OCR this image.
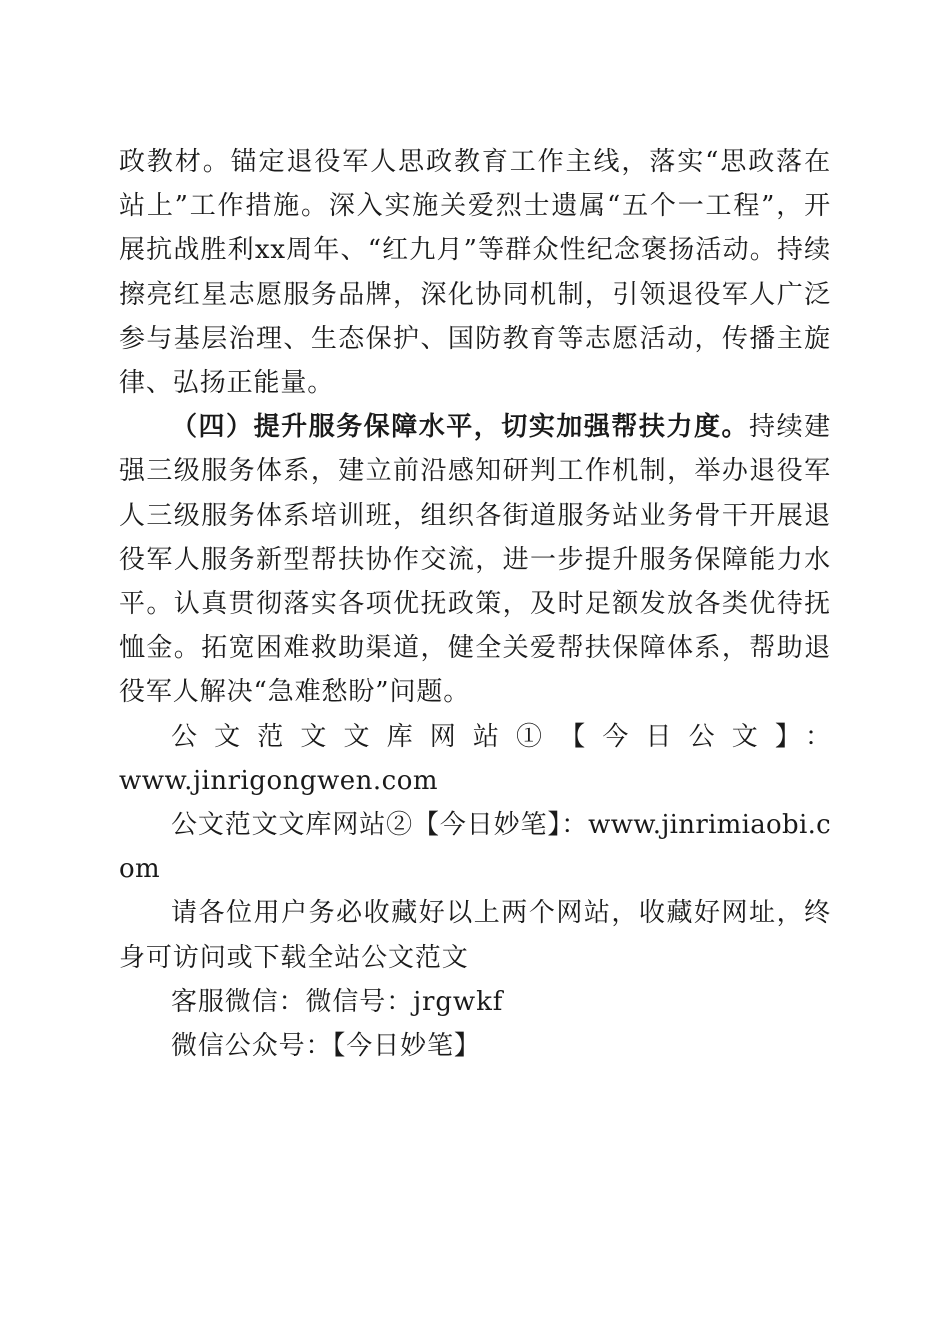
政教材。锚定退役军人思政教育工作主线，落实“思政落在站上”工作措施。深入实施关爱烈士遗属“五个一工程”，开展抗战胜利xx周年、“红九月”等群众性纪念褒扬活动。持续擦亮红星志愿服务品牌，深化协同机制，引领退役军人广泛参与基层治理、生态保护、国防教育等志愿活动，传播主旋律、弘扬正能量。

（四）提升服务保障水平，切实加强帮扶力度。持续建强三级服务体系，建立前沿感知研判工作机制，举办退役军人三级服务体系培训班，组织各街道服务站业务骨干开展退役军人服务新型帮扶协作交流，进一步提升服务保障能力水平。认真贯彻落实各项优抚政策，及时足额发放各类优待抚恤金。拓宽困难救助渠道，健全关爱帮扶保障体系，帮助退役军人解决“急难愁盼”问题。

公文范文文库网站①【今日公文】：

www.jinrigongwen.com

公文范文文库网站②【今日妙笔】：www.jinrimiaobi.com

请各位用户务必收藏好以上两个网站，收藏好网址，终身可访问或下载全站公文范文

客服微信：微信号：jrgwkf

微信公众号：【今日妙笔】
